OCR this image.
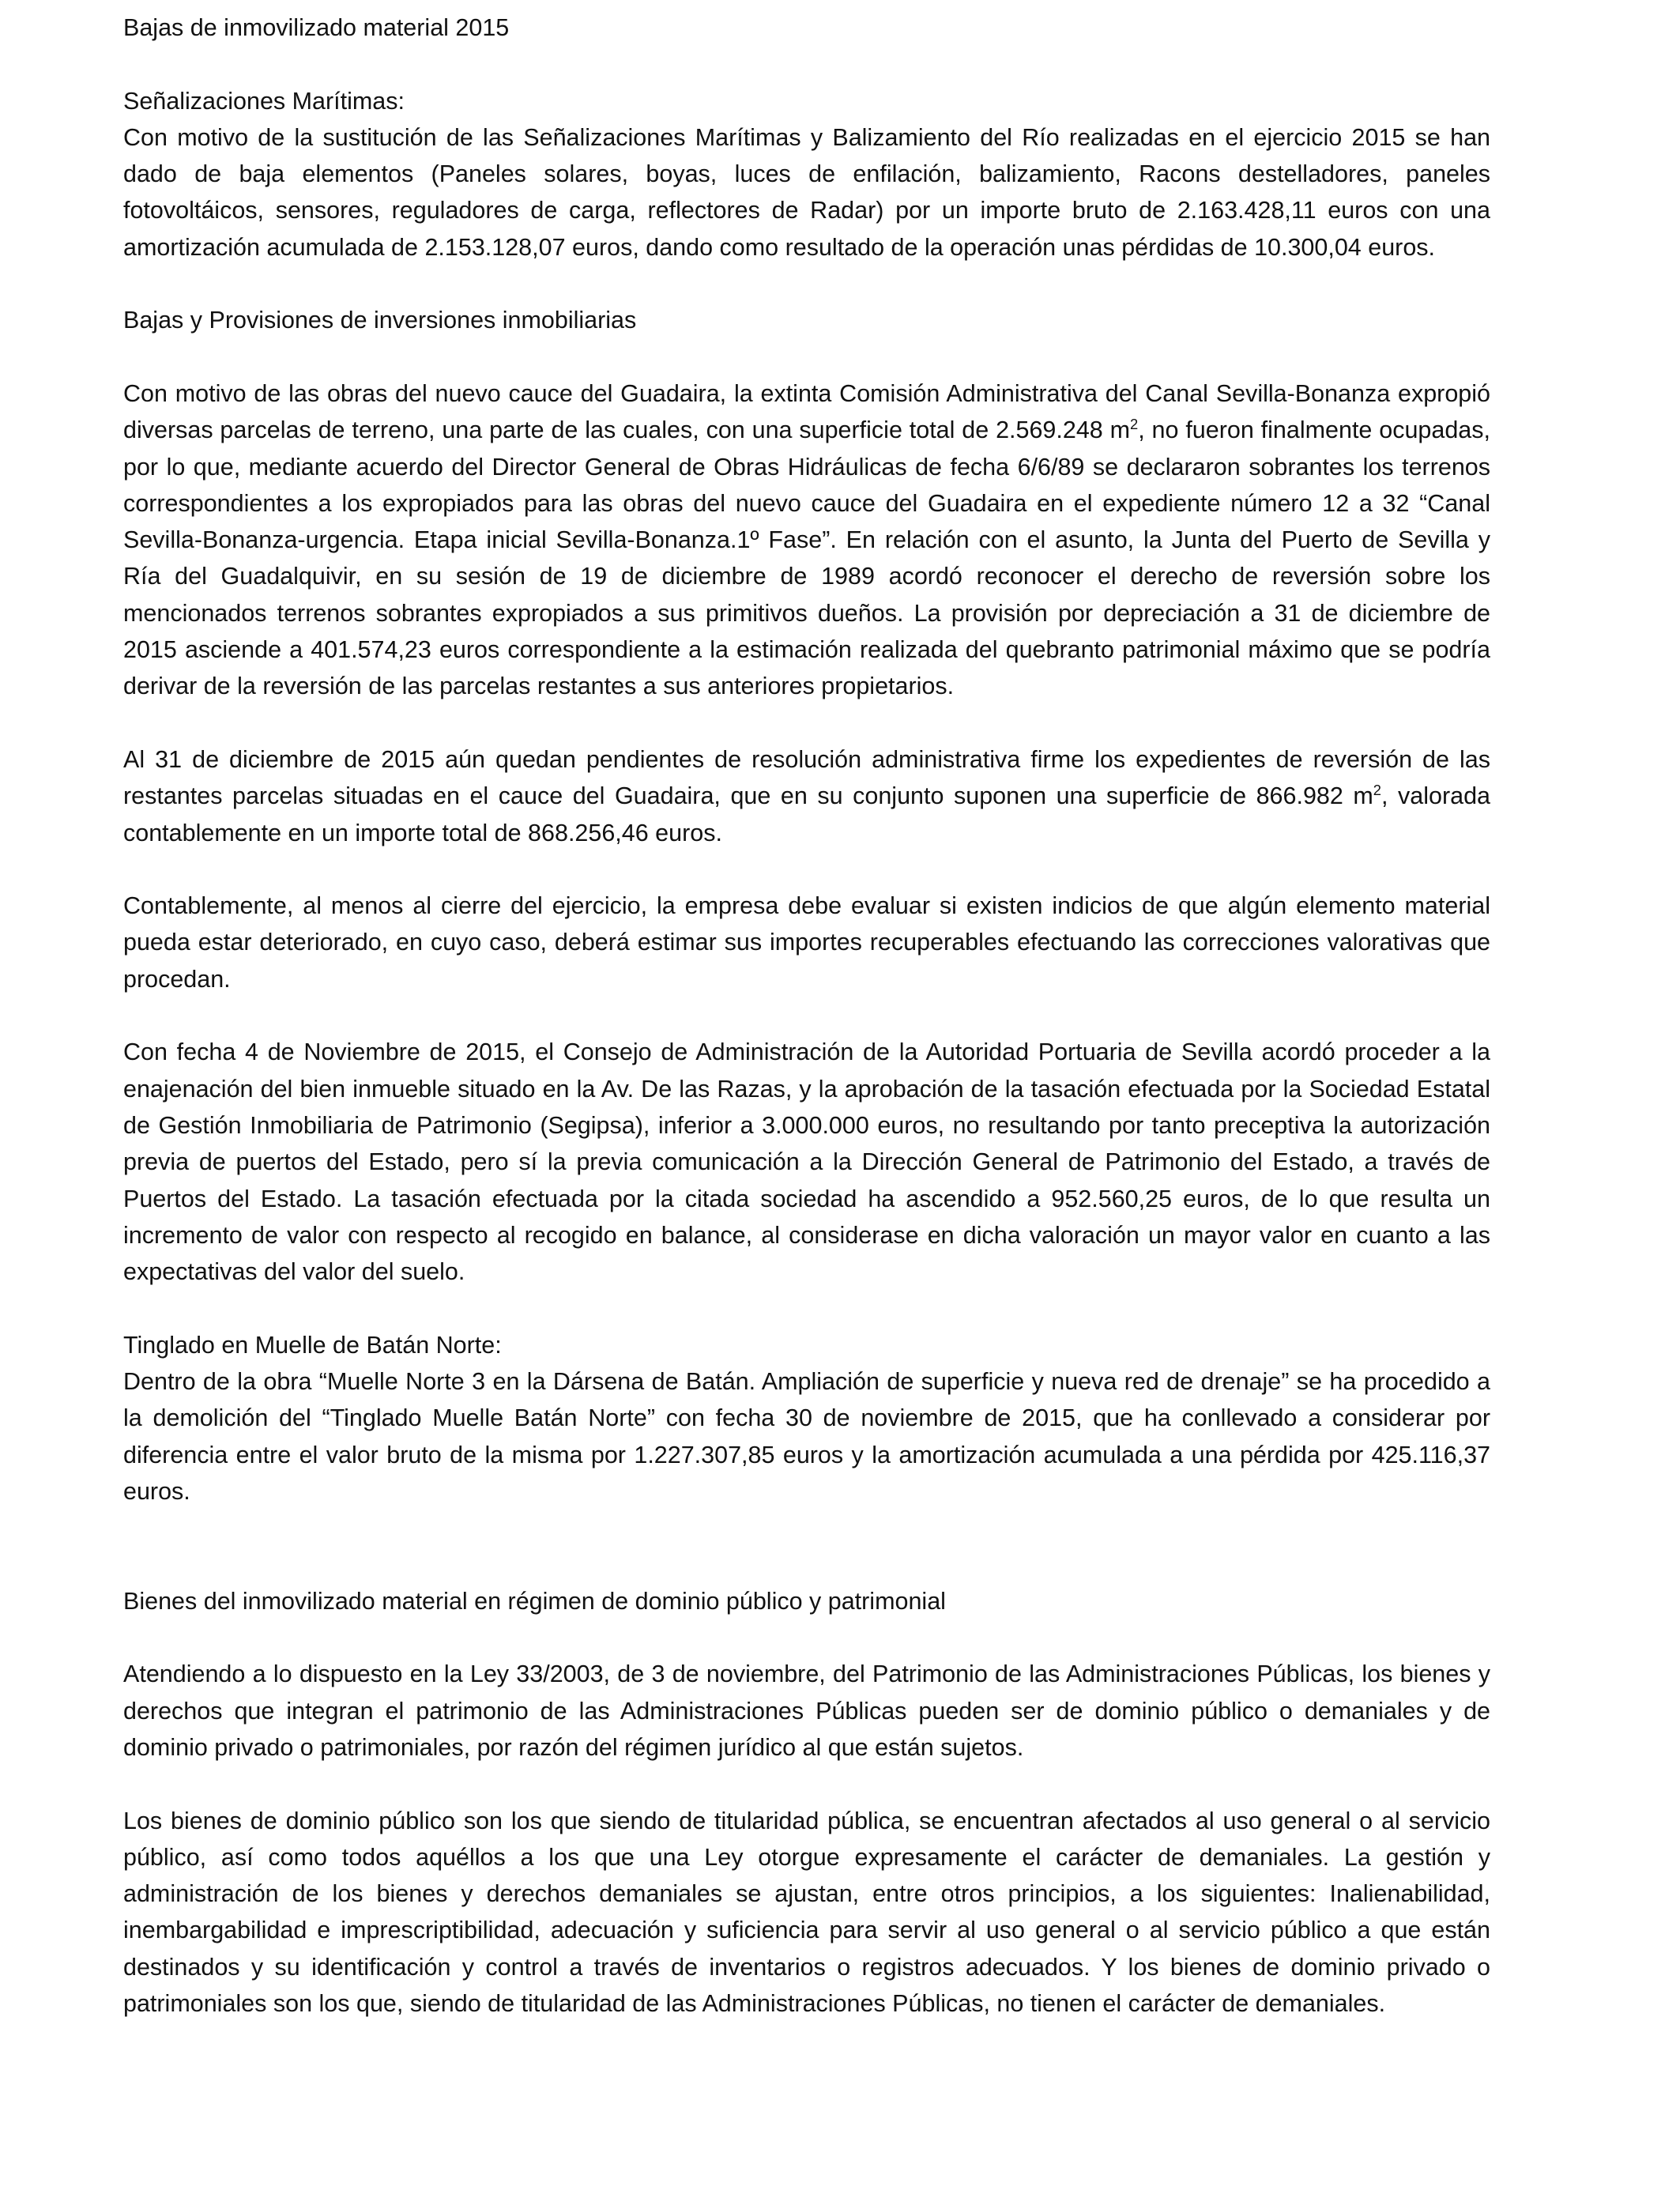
Bajas de inmovilizado material 2015

Señalizaciones Marítimas:

Con motivo de la sustitución de las Señalizaciones Marítimas y Balizamiento del Río realizadas en el ejercicio 2015 se han dado de baja elementos (Paneles solares, boyas, luces de enfilación, balizamiento, Racons destelladores, paneles fotovoltáicos, sensores, reguladores de carga, reflectores de Radar) por un importe bruto de 2.163.428,11 euros con una amortización acumulada de 2.153.128,07 euros, dando como resultado de la operación unas pérdidas de 10.300,04 euros.

Bajas y Provisiones de inversiones inmobiliarias

Con motivo de las obras del nuevo cauce del Guadaira, la extinta Comisión Administrativa del Canal Sevilla-Bonanza expropió diversas parcelas de terreno, una parte de las cuales, con una superficie total de 2.569.248 $m^2$, no fueron finalmente ocupadas, por lo que, mediante acuerdo del Director General de Obras Hidráulicas de fecha 6/6/89 se declararon sobrantes los terrenos correspondientes a los expropiados para las obras del nuevo cauce del Guadaira en el expediente número 12 a 32 “Canal Sevilla-Bonanza-urgencia. Etapa inicial Sevilla-Bonanza.1º Fase”. En relación con el asunto, la Junta del Puerto de Sevilla y Ría del Guadalquivir, en su sesión de 19 de diciembre de 1989 acordó reconocer el derecho de reversión sobre los mencionados terrenos sobrantes expropiados a sus primitivos dueños. La provisión por depreciación a 31 de diciembre de 2015 asciende a 401.574,23 euros correspondiente a la estimación realizada del quebranto patrimonial máximo que se podría derivar de la reversión de las parcelas restantes a sus anteriores propietarios.

Al 31 de diciembre de 2015 aún quedan pendientes de resolución administrativa firme los expedientes de reversión de las restantes parcelas situadas en el cauce del Guadaira, que en su conjunto suponen una superficie de 866.982 $m^2$, valorada contablemente en un importe total de 868.256,46 euros.

Contablemente, al menos al cierre del ejercicio, la empresa debe evaluar si existen indicios de que algún elemento material pueda estar deteriorado, en cuyo caso, deberá estimar sus importes recuperables efectuando las correcciones valorativas que procedan.

Con fecha 4 de Noviembre de 2015, el Consejo de Administración de la Autoridad Portuaria de Sevilla acordó proceder a la enajenación del bien inmueble situado en la Av. De las Razas, y la aprobación de la tasación efectuada por la Sociedad Estatal de Gestión Inmobiliaria de Patrimonio (Segipsa), inferior a 3.000.000 euros, no resultando por tanto preceptiva la autorización previa de puertos del Estado, pero sí la previa comunicación a la Dirección General de Patrimonio del Estado, a través de Puertos del Estado. La tasación efectuada por la citada sociedad ha ascendido a 952.560,25 euros, de lo que resulta un incremento de valor con respecto al recogido en balance, al considerase en dicha valoración un mayor valor en cuanto a las expectativas del valor del suelo.

Tinglado en Muelle de Batán Norte:

Dentro de la obra “Muelle Norte 3 en la Dársena de Batán. Ampliación de superficie y nueva red de drenaje” se ha procedido a la demolición del “Tinglado Muelle Batán Norte” con fecha 30 de noviembre de 2015, que ha conllevado a considerar por diferencia entre el valor bruto de la misma por 1.227.307,85 euros y la amortización acumulada a una pérdida por 425.116,37 euros.

Bienes del inmovilizado material en régimen de dominio público y patrimonial

Atendiendo a lo dispuesto en la Ley 33/2003, de 3 de noviembre, del Patrimonio de las Administraciones Públicas, los bienes y derechos que integran el patrimonio de las Administraciones Públicas pueden ser de dominio público o demaniales y de dominio privado o patrimoniales, por razón del régimen jurídico al que están sujetos.

Los bienes de dominio público son los que siendo de titularidad pública, se encuentran afectados al uso general o al servicio público, así como todos aquéllos a los que una Ley otorgue expresamente el carácter de demaniales. La gestión y administración de los bienes y derechos demaniales se ajustan, entre otros principios, a los siguientes: Inalienabilidad, inembargabilidad e imprescriptibilidad, adecuación y suficiencia para servir al uso general o al servicio público a que están destinados y su identificación y control a través de inventarios o registros adecuados. Y los bienes de dominio privado o patrimoniales son los que, siendo de titularidad de las Administraciones Públicas, no tienen el carácter de demaniales.
